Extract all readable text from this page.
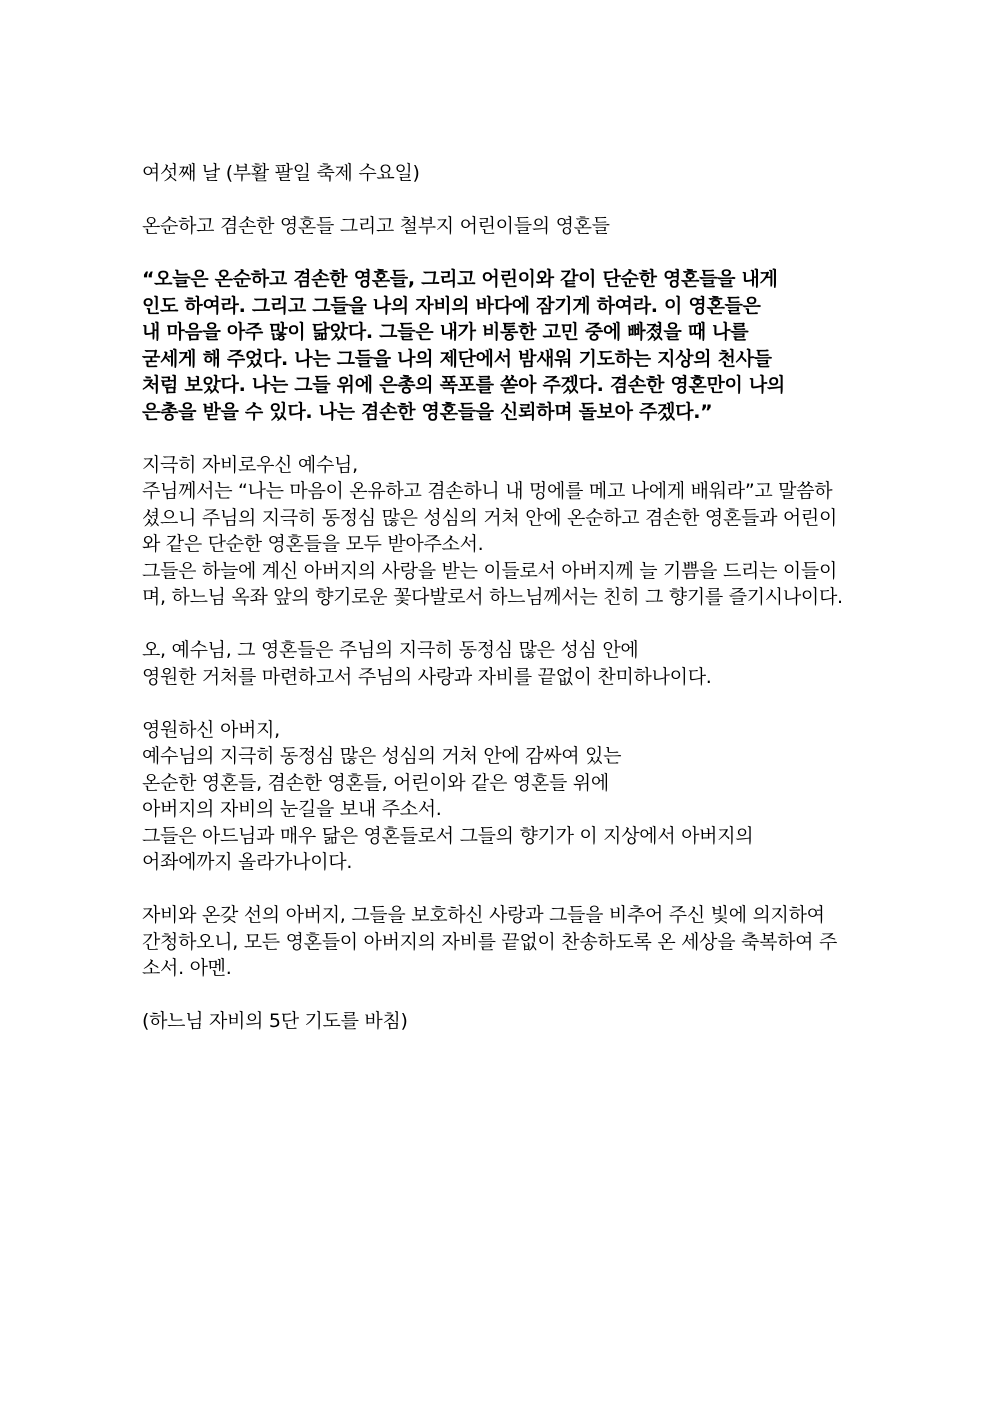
여섯째 날 (부활 팔일 축제 수요일)
온순하고 겸손한 영혼들 그리고 철부지 어린이들의 영혼들
“오늘은 온순하고 겸손한 영혼들, 그리고 어린이와 같이 단순한 영혼들을 내게
인도 하여라. 그리고 그들을 나의 자비의 바다에 잠기게 하여라. 이 영혼들은
내 마음을 아주 많이 닮았다. 그들은 내가 비통한 고민 중에 빠졌을 때 나를
굳세게 해 주었다. 나는 그들을 나의 제단에서 밤새워 기도하는 지상의 천사들
처럼 보았다. 나는 그들 위에 은총의 폭포를 쏟아 주겠다. 겸손한 영혼만이 나의
은총을 받을 수 있다. 나는 겸손한 영혼들을 신뢰하며 돌보아 주겠다.”
지극히 자비로우신 예수님,
주님께서는 “나는 마음이 온유하고 겸손하니 내 멍에를 메고 나에게 배워라”고 말씀하
셨으니 주님의 지극히 동정심 많은 성심의 거처 안에 온순하고 겸손한 영혼들과 어린이
와 같은 단순한 영혼들을 모두 받아주소서.
그들은 하늘에 계신 아버지의 사랑을 받는 이들로서 아버지께 늘 기쁨을 드리는 이들이
며, 하느님 옥좌 앞의 향기로운 꽃다발로서 하느님께서는 친히 그 향기를 즐기시나이다.
오, 예수님, 그 영혼들은 주님의 지극히 동정심 많은 성심 안에
영원한 거처를 마련하고서 주님의 사랑과 자비를 끝없이 찬미하나이다.
영원하신 아버지,
예수님의 지극히 동정심 많은 성심의 거처 안에 감싸여 있는
온순한 영혼들, 겸손한 영혼들, 어린이와 같은 영혼들 위에
아버지의 자비의 눈길을 보내 주소서.
그들은 아드님과 매우 닮은 영혼들로서 그들의 향기가 이 지상에서 아버지의
어좌에까지 올라가나이다.
자비와 온갖 선의 아버지, 그들을 보호하신 사랑과 그들을 비추어 주신 빛에 의지하여
간청하오니, 모든 영혼들이 아버지의 자비를 끝없이 찬송하도록 온 세상을 축복하여 주
소서. 아멘.
(하느님 자비의 5단 기도를 바침)
